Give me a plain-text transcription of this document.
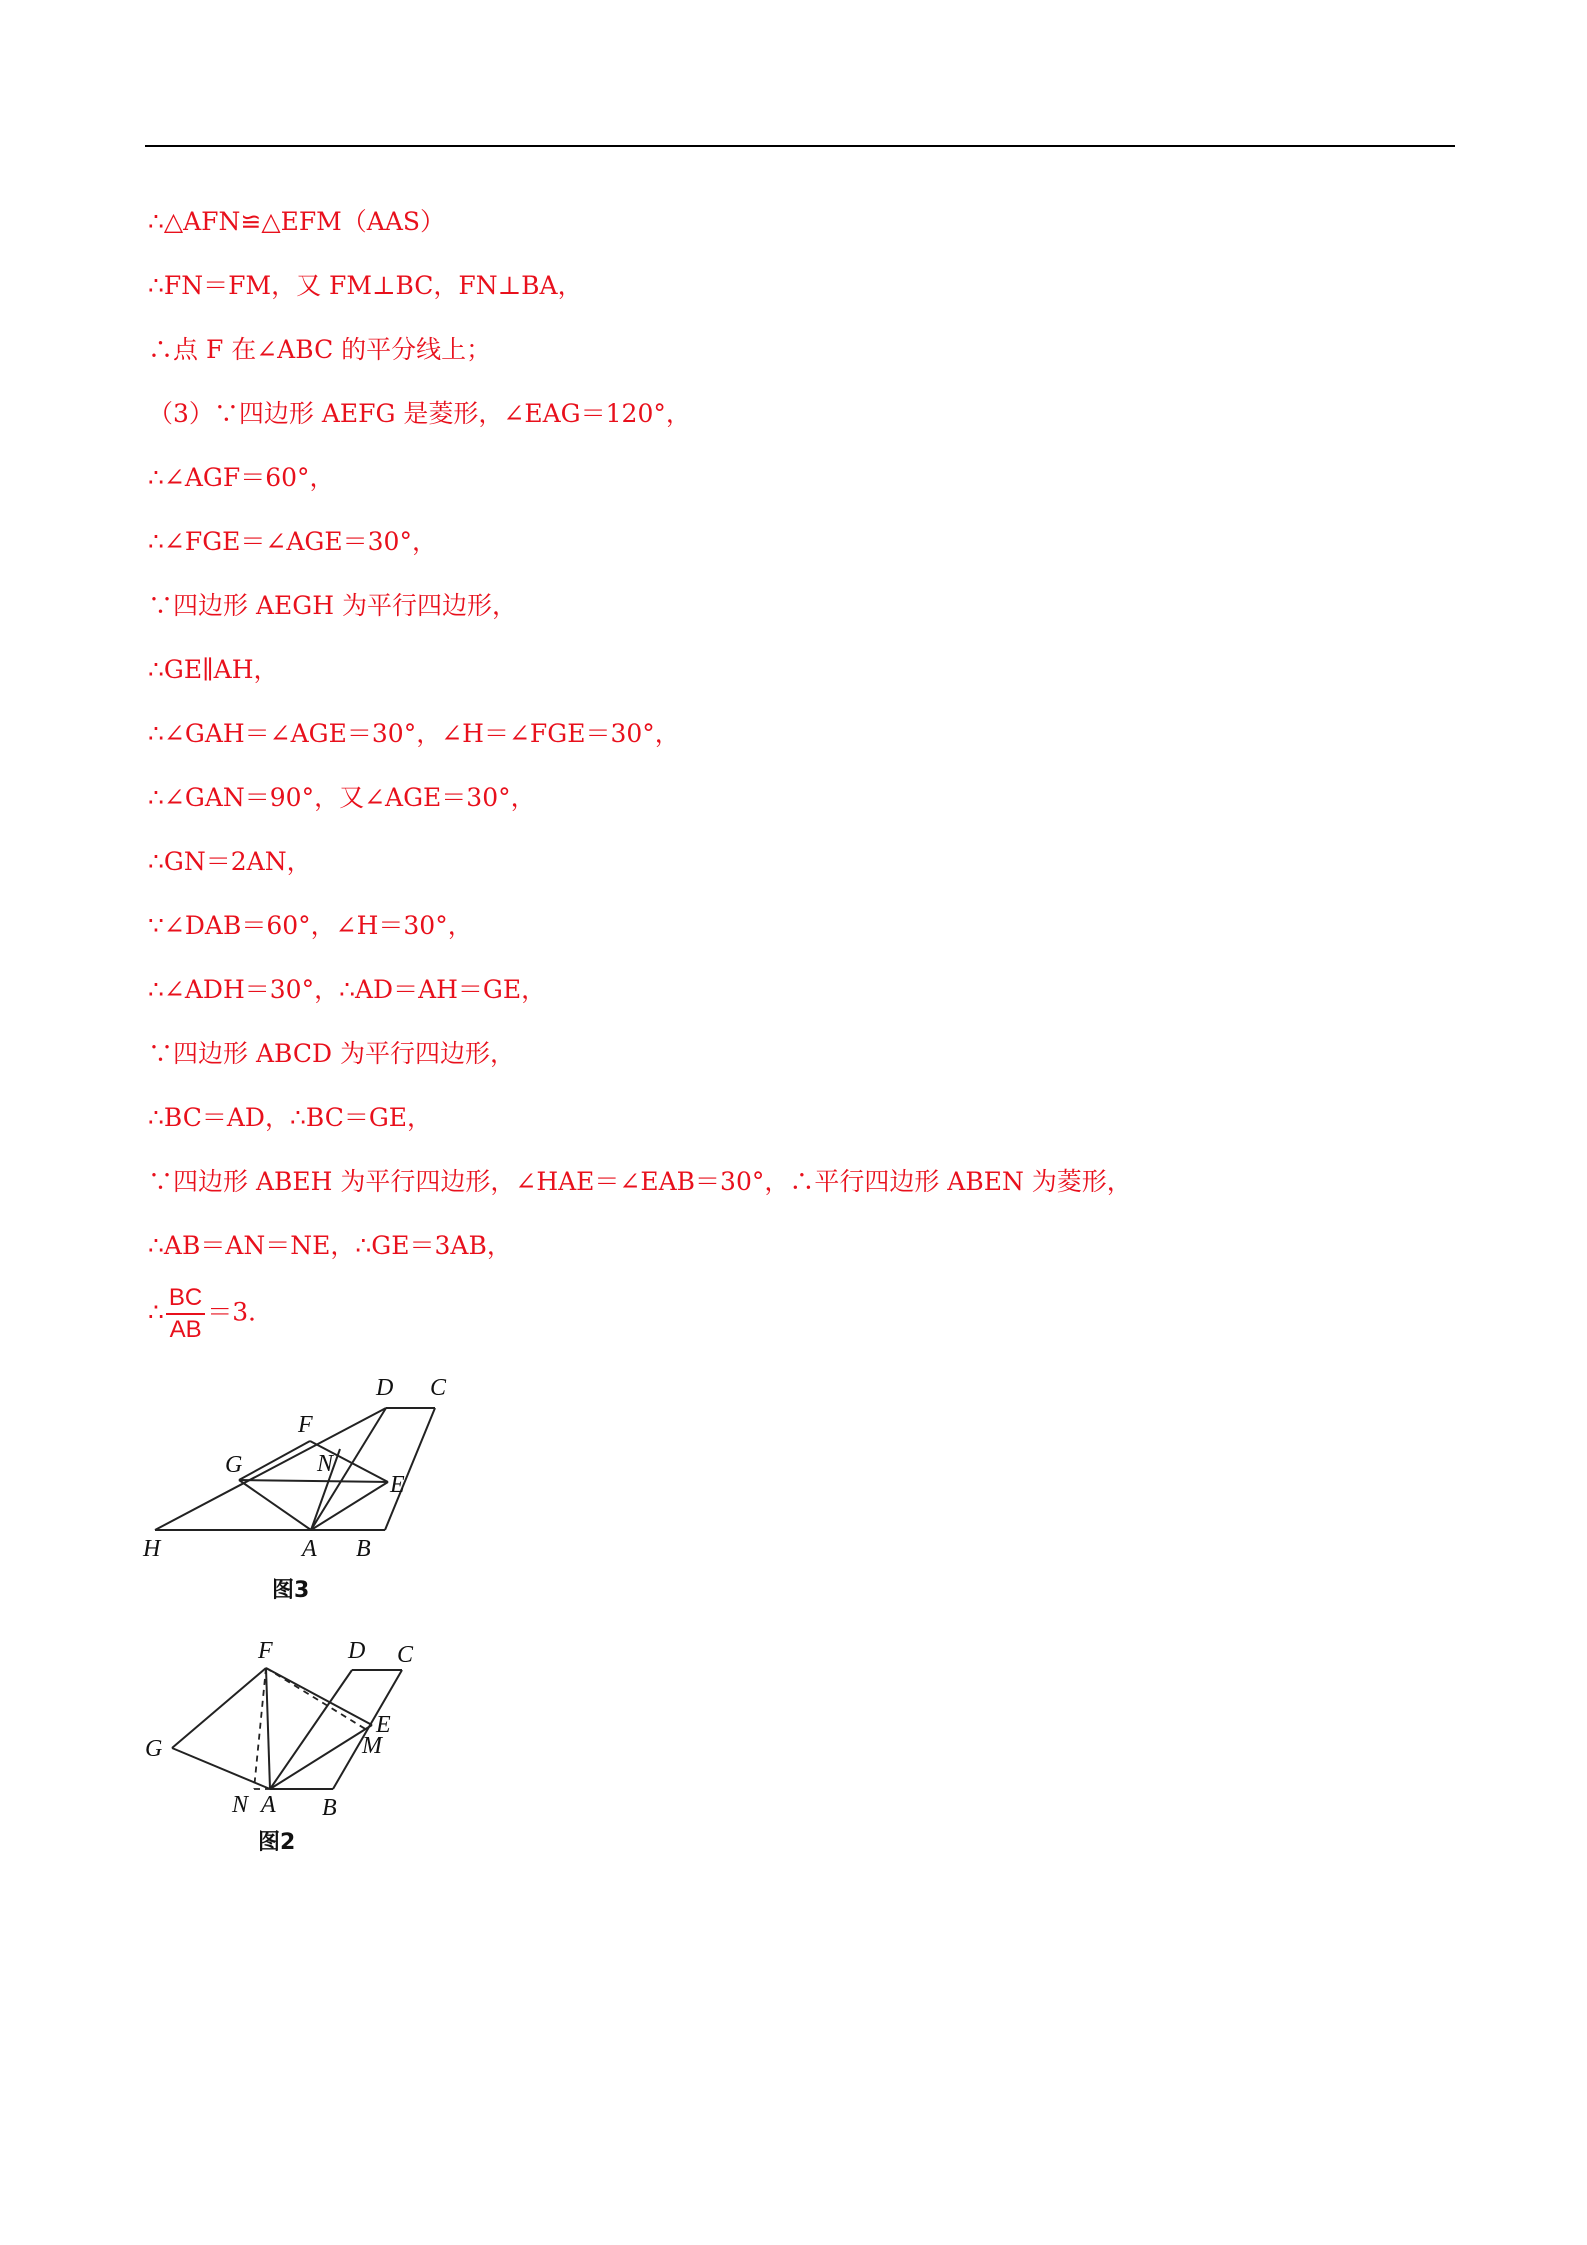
∴△AFN≌△EFM（AAS）
∴FN＝FM，又 FM⊥BC，FN⊥BA，
∴点 F 在∠ABC 的平分线上；
（3）∵四边形 AEFG 是菱形，∠EAG＝120°，
∴∠AGF＝60°，
∴∠FGE＝∠AGE＝30°，
∵四边形 AEGH 为平行四边形，
∴GE∥AH，
∴∠GAH＝∠AGE＝30°，∠H＝∠FGE＝30°，
∴∠GAN＝90°，又∠AGE＝30°，
∴GN＝2AN，
∵∠DAB＝60°，∠H＝30°，
∴∠ADH＝30°，∴AD＝AH＝GE，
∵四边形 ABCD 为平行四边形，
∴BC＝AD，∴BC＝GE，
∵四边形 ABEH 为平行四边形，∠HAE＝∠EAB＝30°，∴平行四边形 ABEN 为菱形，
∴AB＝AN＝NE，∴GE＝3AB，
∴ $\frac{BC}{AB} =3$．
D C
F
G	N
E
H	A B
图3
F	D C
G
E
M
N A B
图2
